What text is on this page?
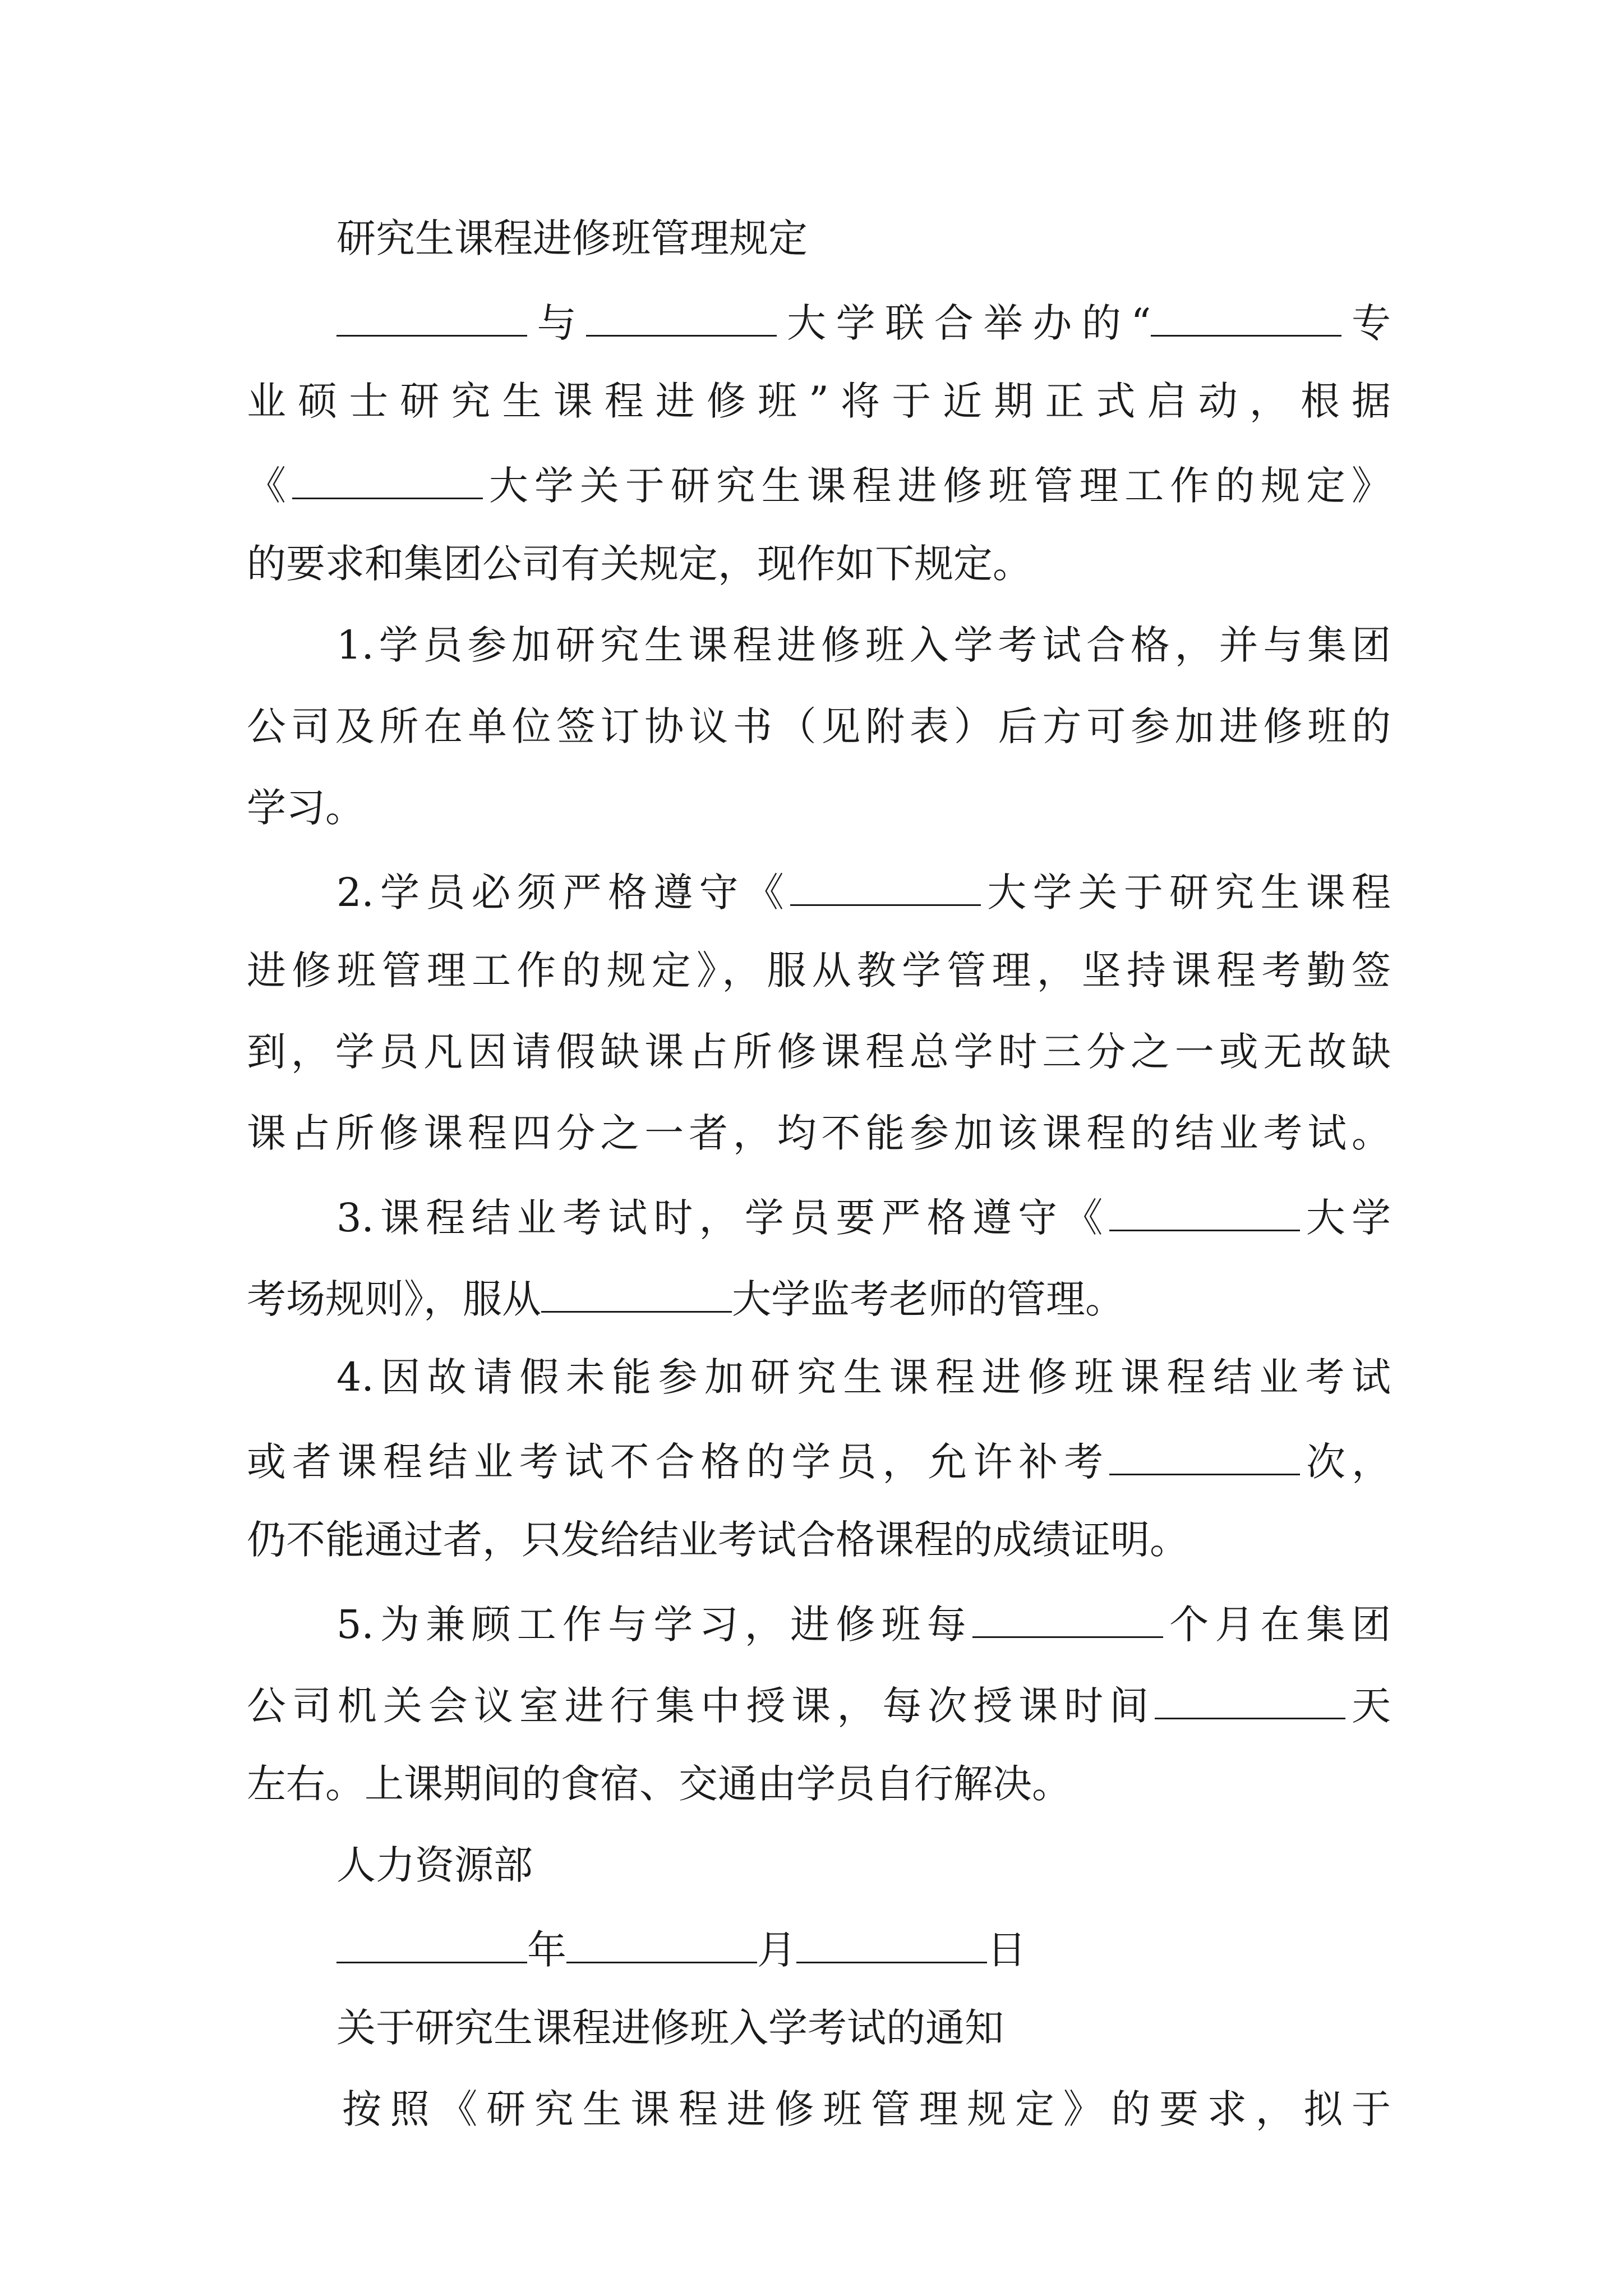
研究生课程进修班管理规定
与	大学联合举办的“	专
业硕士研究生课程进修班”将于近期正式启动，根据
《	大学关于研究生课程进修班管理工作的规定》
的要求和集团公司有关规定，现作如下规定。
1.学员参加研究生课程进修班入学考试合格，并与集团
公司及所在单位签订协议书（见附表）后方可参加进修班的
学习。
2.学员必须严格遵守《	大学关于研究生课程
进修班管理工作的规定》，服从教学管理，坚持课程考勤签
到，学员凡因请假缺课占所修课程总学时三分之一或无故缺
课占所修课程四分之一者，均不能参加该课程的结业考试。
3.课程结业考试时，学员要严格遵守《	大学
考场规则》，服从	大学监考老师的管理。
4.因故请假未能参加研究生课程进修班课程结业考试
或者课程结业考试不合格的学员，允许补考	次，
仍不能通过者，只发给结业考试合格课程的成绩证明。
5.为兼顾工作与学习，进修班每	个月在集团
公司机关会议室进行集中授课，每次授课时间	天
左右。上课期间的食宿、交通由学员自行解决。
人力资源部
年	月	日
关于研究生课程进修班入学考试的通知
按照《研究生课程进修班管理规定》的要求，拟于
